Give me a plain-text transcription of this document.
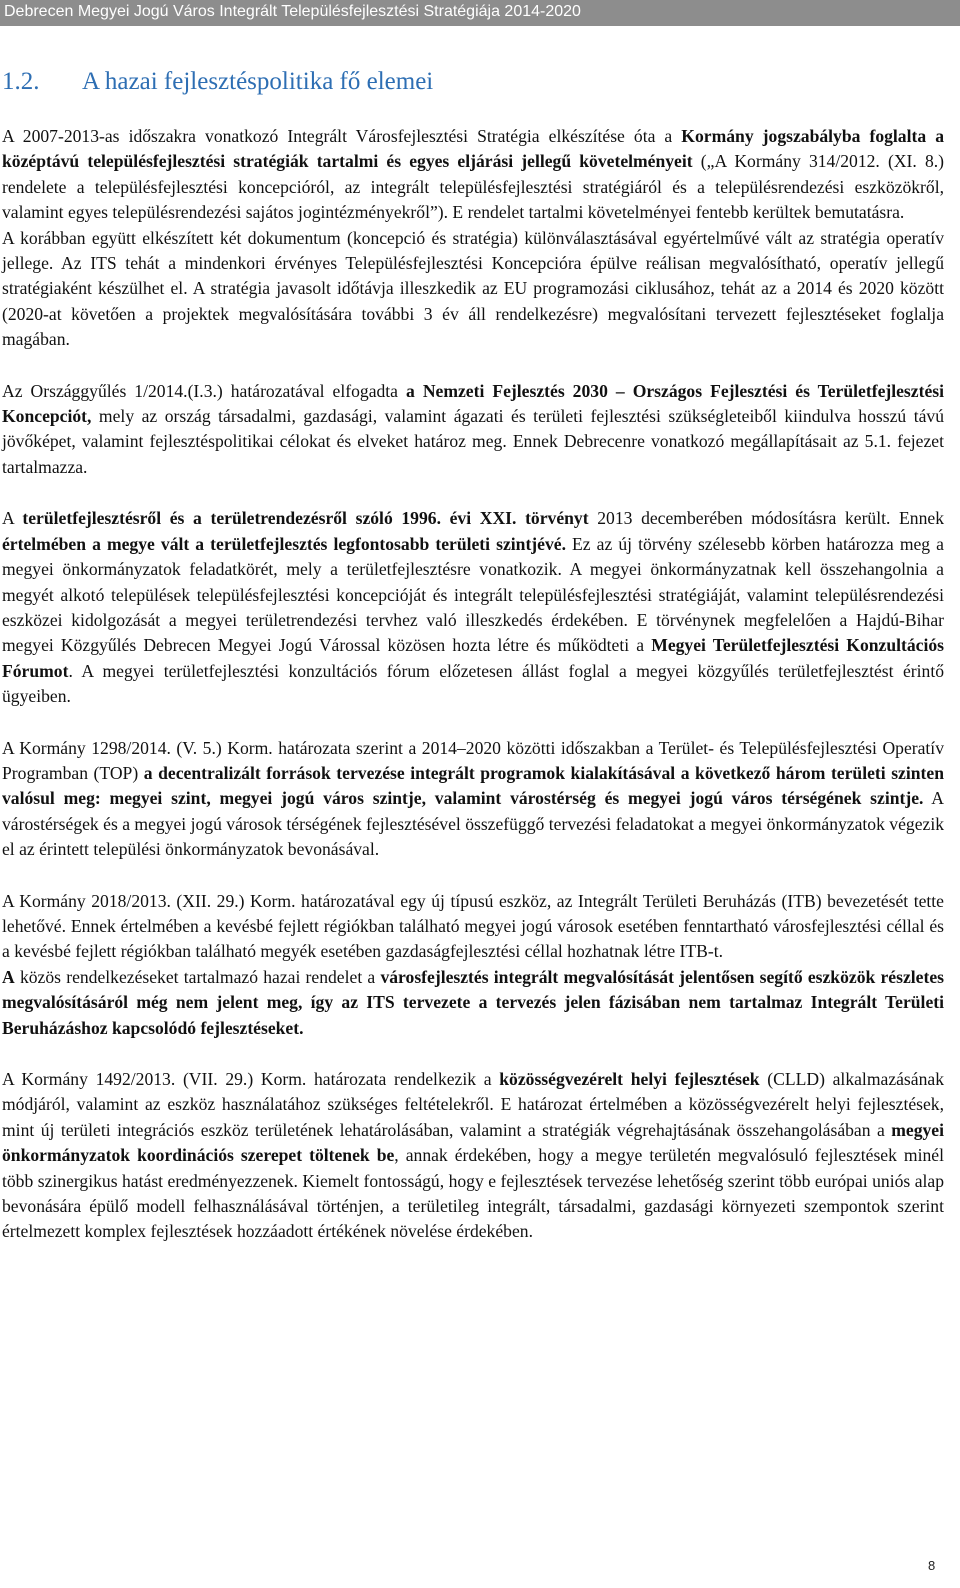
Debrecen Megyei Jogú Város Integrált Településfejlesztési Stratégiája 2014-2020
1.2. A hazai fejlesztéspolitika fő elemei

A 2007-2013-as időszakra vonatkozó Integrált Városfejlesztési Stratégia elkészítése óta a Kormány jogszabályba foglalta a középtávú településfejlesztési stratégiák tartalmi és egyes eljárási jellegű követelményeit („A Kormány 314/2012. (XI. 8.) rendelete a településfejlesztési koncepcióról, az integrált településfejlesztési stratégiáról és a településrendezési eszközökről, valamint egyes településrendezési sajátos jogintézményekről”). E rendelet tartalmi követelményei fentebb kerültek bemutatásra.

A korábban együtt elkészített két dokumentum (koncepció és stratégia) különválasztásával egyértelművé vált az stratégia operatív jellege. Az ITS tehát a mindenkori érvényes Településfejlesztési Koncepcióra épülve reálisan megvalósítható, operatív jellegű stratégiaként készülhet el. A stratégia javasolt időtávja illeszkedik az EU programozási ciklusához, tehát az a 2014 és 2020 között (2020-at követően a projektek megvalósítására további 3 év áll rendelkezésre) megvalósítani tervezett fejlesztéseket foglalja magában.

Az Országgyűlés 1/2014.(I.3.) határozatával elfogadta a Nemzeti Fejlesztés 2030 – Országos Fejlesztési és Területfejlesztési Koncepciót, mely az ország társadalmi, gazdasági, valamint ágazati és területi fejlesztési szükségleteiből kiindulva hosszú távú jövőképet, valamint fejlesztéspolitikai célokat és elveket határoz meg. Ennek Debrecenre vonatkozó megállapításait az 5.1. fejezet tartalmazza.

A területfejlesztésről és a területrendezésről szóló 1996. évi XXI. törvényt 2013 decemberében módosításra került. Ennek értelmében a megye vált a területfejlesztés legfontosabb területi szintjévé. Ez az új törvény szélesebb körben határozza meg a megyei önkormányzatok feladatkörét, mely a területfejlesztésre vonatkozik. A megyei önkormányzatnak kell összehangolnia a megyét alkotó települések településfejlesztési koncepcióját és integrált településfejlesztési stratégiáját, valamint településrendezési eszközei kidolgozását a megyei területrendezési tervhez való illeszkedés érdekében. E törvénynek megfelelően a Hajdú-Bihar megyei Közgyűlés Debrecen Megyei Jogú Várossal közösen hozta létre és működteti a Megyei Területfejlesztési Konzultációs Fórumot. A megyei területfejlesztési konzultációs fórum előzetesen állást foglal a megyei közgyűlés területfejlesztést érintő ügyeiben.

A Kormány 1298/2014. (V. 5.) Korm. határozata szerint a 2014–2020 közötti időszakban a Terület- és Településfejlesztési Operatív Programban (TOP) a decentralizált források tervezése integrált programok kialakításával a következő három területi szinten valósul meg: megyei szint, megyei jogú város szintje, valamint várostérség és megyei jogú város térségének szintje. A várostérségek és a megyei jogú városok térségének fejlesztésével összefüggő tervezési feladatokat a megyei önkormányzatok végezik el az érintett települési önkormányzatok bevonásával.

A Kormány 2018/2013. (XII. 29.) Korm. határozatával egy új típusú eszköz, az Integrált Területi Beruházás (ITB) bevezetését tette lehetővé. Ennek értelmében a kevésbé fejlett régiókban található megyei jogú városok esetében fenntartható városfejlesztési céllal és a kevésbé fejlett régiókban található megyék esetében gazdaságfejlesztési céllal hozhatnak létre ITB-t.

A közös rendelkezéseket tartalmazó hazai rendelet a városfejlesztés integrált megvalósítását jelentősen segítő eszközök részletes megvalósításáról még nem jelent meg, így az ITS tervezete a tervezés jelen fázisában nem tartalmaz Integrált Területi Beruházáshoz kapcsolódó fejlesztéseket.

A Kormány 1492/2013. (VII. 29.) Korm. határozata rendelkezik a közösségvezérelt helyi fejlesztések (CLLD) alkalmazásának módjáról, valamint az eszköz használatához szükséges feltételekről. E határozat értelmében a közösségvezérelt helyi fejlesztések, mint új területi integrációs eszköz területének lehatárolásában, valamint a stratégiák végrehajtásának összehangolásában a megyei önkormányzatok koordinációs szerepet töltenek be, annak érdekében, hogy a megye területén megvalósuló fejlesztések minél több szinergikus hatást eredményezzenek. Kiemelt fontosságú, hogy e fejlesztések tervezése lehetőség szerint több európai uniós alap bevonására épülő modell felhasználásával történjen, a területileg integrált, társadalmi, gazdasági környezeti szempontok szerint értelmezett komplex fejlesztések hozzáadott értékének növelése érdekében.

8
